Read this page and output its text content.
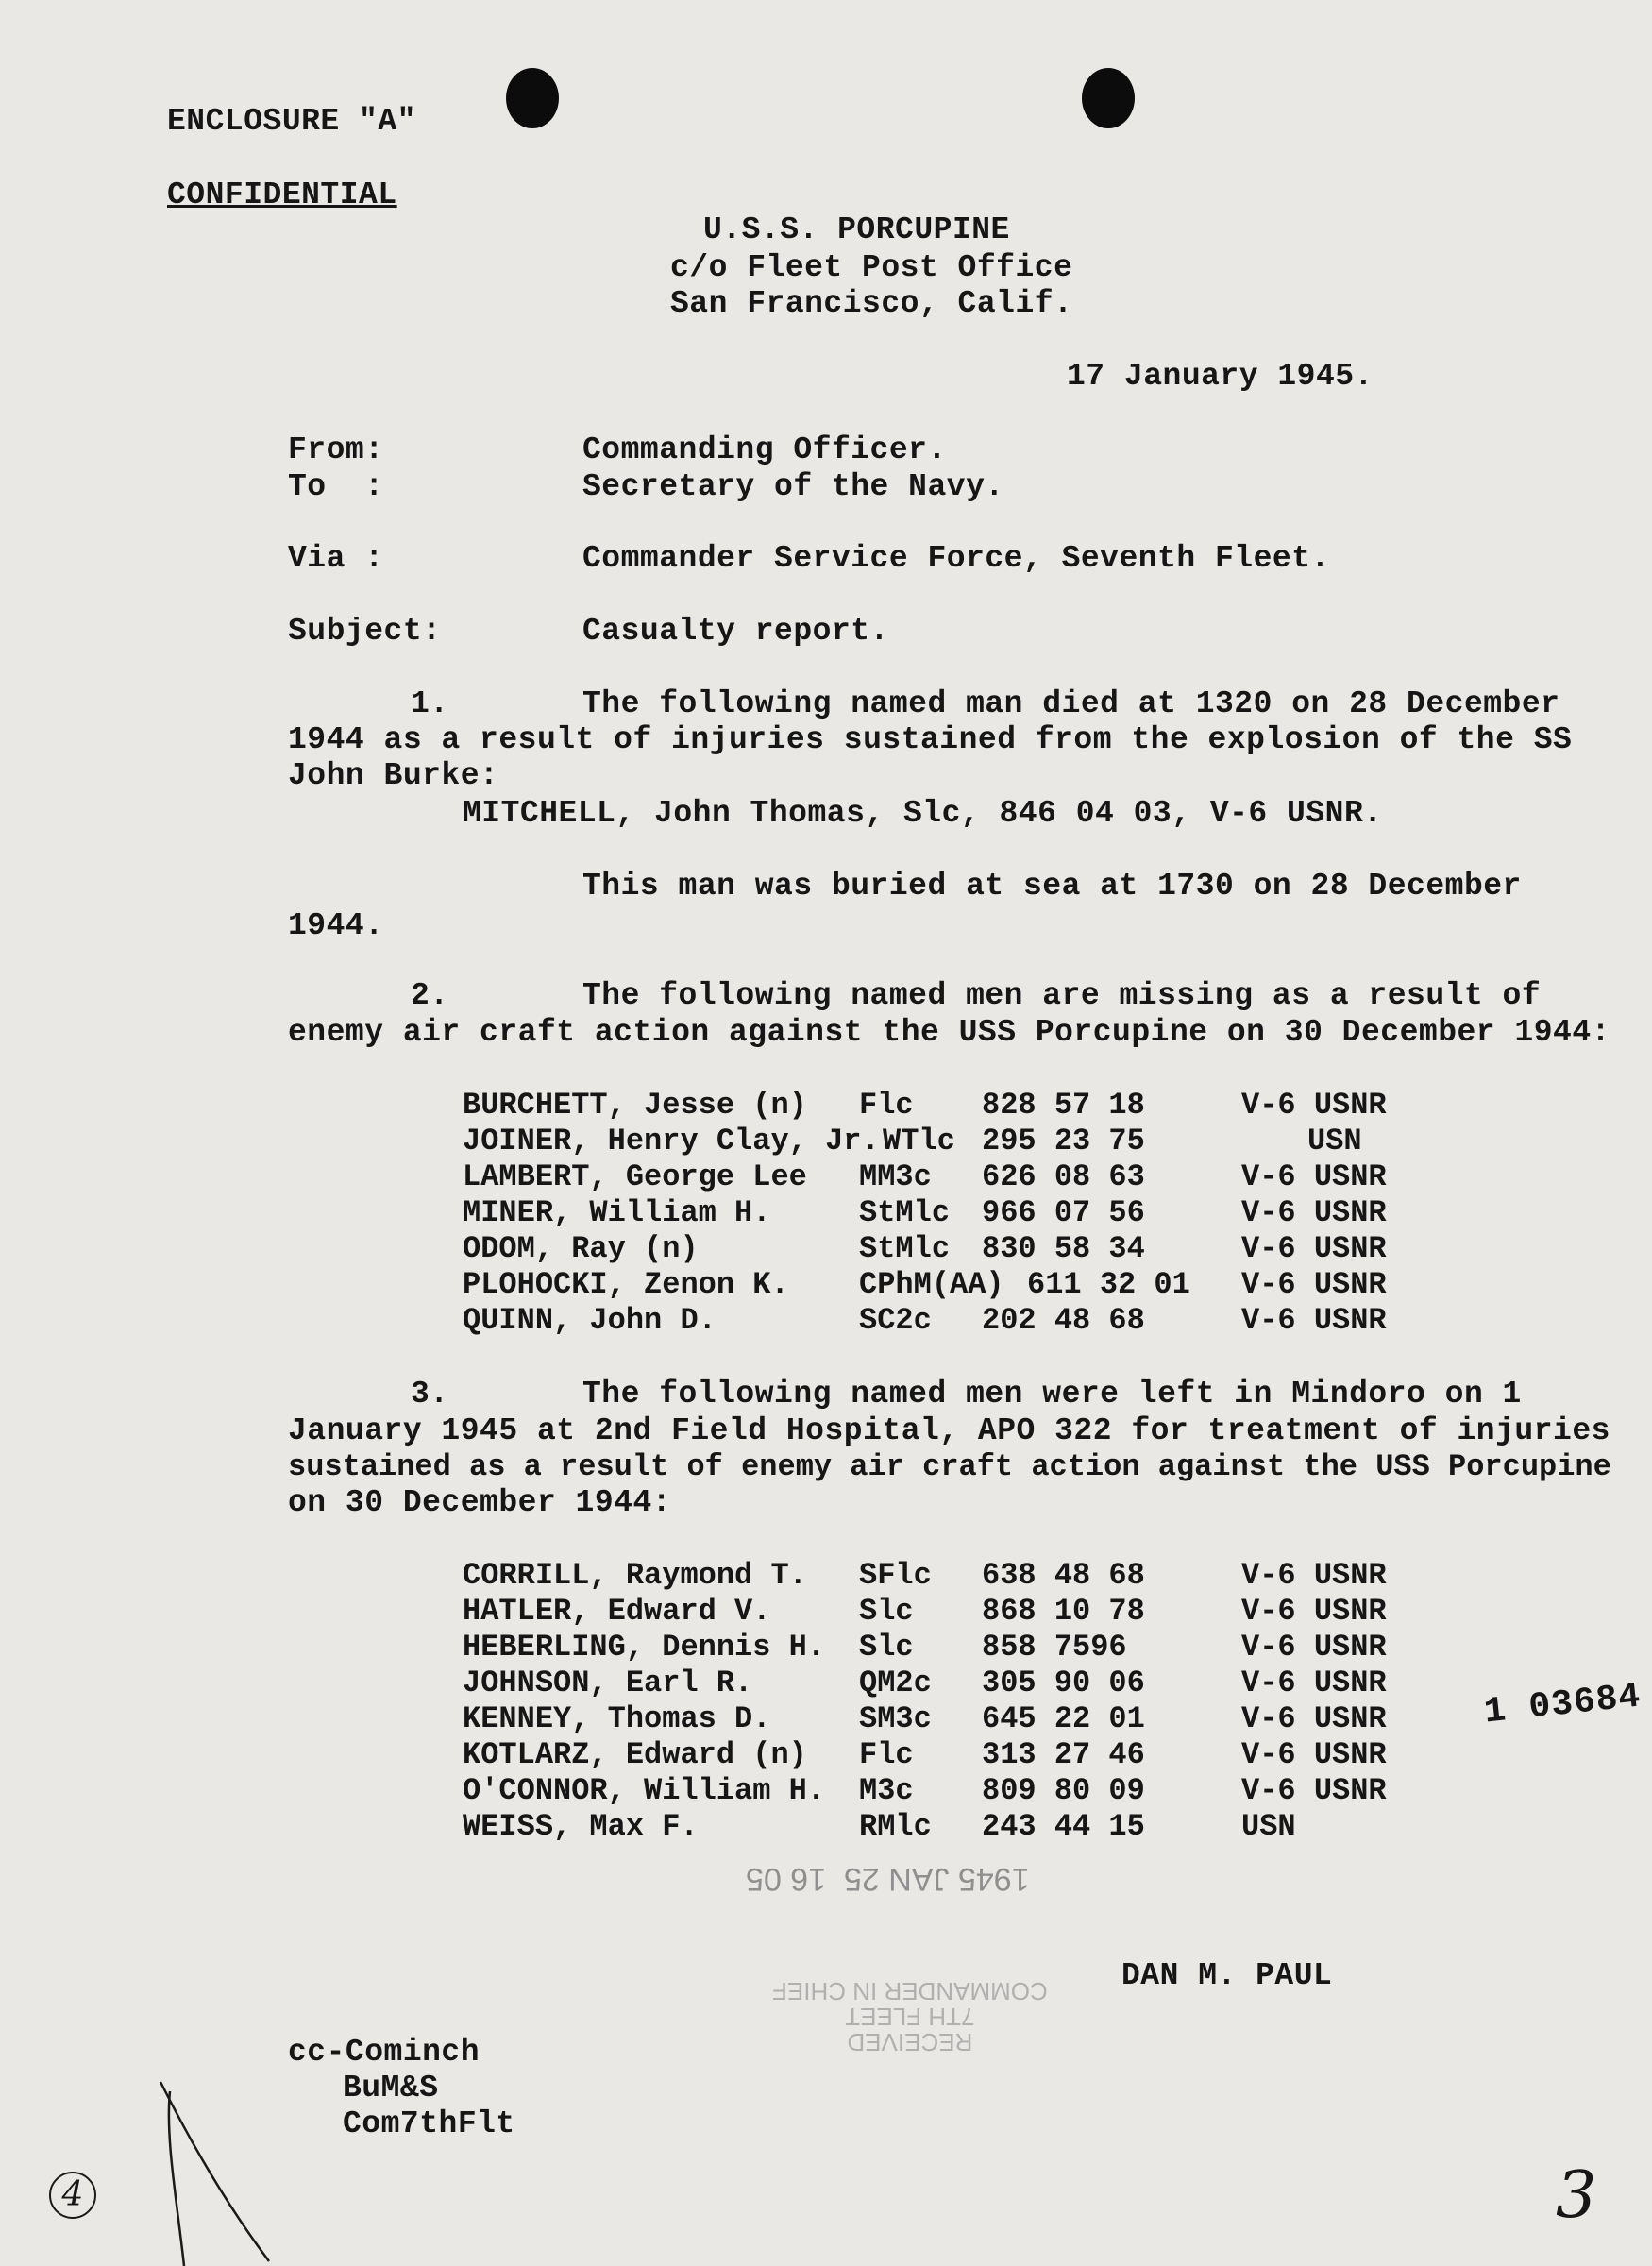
ENCLOSURE "A"
CONFIDENTIAL
U.S.S. PORCUPINE
c/o Fleet Post Office
San Francisco, Calif.
17 January 1945.
From:	Commanding Officer.
To  :	Secretary of the Navy.
Via :	Commander Service Force, Seventh Fleet.
Subject:	Casualty report.
1.	The following named man died at 1320 on 28 December
1944 as a result of injuries sustained from the explosion of the SS
John Burke:
MITCHELL, John Thomas, Slc, 846 04 03, V-6 USNR.
This man was buried at sea at 1730 on 28 December
1944.
2.	The following named men are missing as a result of
enemy air craft action against the USS Porcupine on 30 December 1944:
BURCHETT, Jesse (n) Flc 828 57 18	V-6 USNR
JOINER, Henry Clay, Jr. WTlc 295 23 75	USN
LAMBERT, George Lee MM3c 626 08 63	V-6 USNR
MINER, William H.	StMlc 966 07 56	V-6 USNR
ODOM, Ray (n)	StMlc 830 58 34	V-6 USNR
PLOHOCKI, Zenon K. CPhM(AA) 611 32 01 V-6 USNR
QUINN, John D.	SC2c 202 48 68	V-6 USNR
3.	The following named men were left in Mindoro on 1
January 1945 at 2nd Field Hospital, APO 322 for treatment of injuries
sustained as a result of enemy air craft action against the USS Porcupine
on 30 December 1944:
CORRILL, Raymond T. SFlc 638 48 68	V-6 USNR
HATLER, Edward V.	Slc 868 10 78	V-6 USNR
HEBERLING, Dennis H. Slc 858 7596	V-6 USNR
JOHNSON, Earl R.	QM2c 305 90 06	V-6 USNR
KENNEY, Thomas D.	SM3c 645 22 01	V-6 USNR
KOTLARZ, Edward (n) Flc 313 27 46	V-6 USNR
O'CONNOR, William H. M3c 809 80 09	V-6 USNR
WEISS, Max F.	RMlc 243 44 15	USN
1945 JAN 25  16 05
DAN M. PAUL
RECEIVED
7TH FLEET
COMMANDER IN CHIEF
cc-Cominch
BuM&S
Com7thFlt
1 03684
4	3
